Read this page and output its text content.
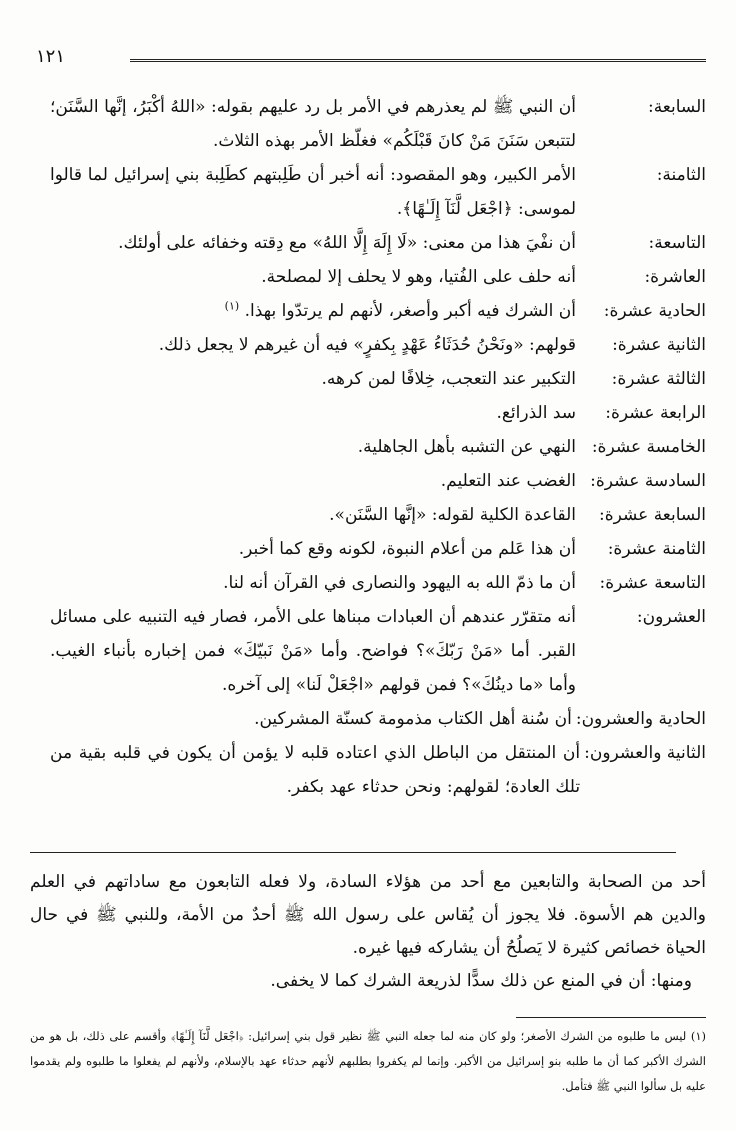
١٢١
السابعة:
أن النبي ﷺ لم يعذرهم في الأمر بل رد عليهم بقوله: «اللهُ أكْبَرُ، إنَّها السَّنَن؛ لتتبعن سَنَنَ مَنْ كانَ قَبْلَكُم» فغلّظ الأمر بهذه الثلاث.
الثامنة:
الأمر الكبير، وهو المقصود: أنه أخبر أن طَلِبتهم كطَلِبة بني إسرائيل لما قالوا لموسى: ﴿اجْعَل لَّنَآ إِلَـٰهًا﴾.
التاسعة:
أن نفْيَ هذا من معنى: «لَا إِلَهَ إِلَّا اللهُ» مع دِقته وخفائه على أولئك.
العاشرة:
أنه حلف على الفُتيا، وهو لا يحلف إلا لمصلحة.
الحادية عشرة:
أن الشرك فيه أكبر وأصغر، لأنهم لم يرتدّوا بهذا. $^{(١)}$
الثانية عشرة:
قولهم: «ونَحْنُ حُدَثَاءُ عَهْدٍ بِكفرٍ» فيه أن غيرهم لا يجعل ذلك.
الثالثة عشرة:
التكبير عند التعجب، خِلافًا لمن كرهه.
الرابعة عشرة:
سد الذرائع.
الخامسة عشرة:
النهي عن التشبه بأهل الجاهلية.
السادسة عشرة:
الغضب عند التعليم.
السابعة عشرة:
القاعدة الكلية لقوله: «إنَّها السَّنَن».
الثامنة عشرة:
أن هذا عَلم من أعلام النبوة، لكونه وقع كما أخبر.
التاسعة عشرة:
أن ما ذمّ الله به اليهود والنصارى في القرآن أنه لنا.
العشرون:
أنه متقرّر عندهم أن العبادات مبناها على الأمر، فصار فيه التنبيه على مسائل القبر. أما «مَنْ رَبّكَ»؟ فواضح. وأما «مَنْ نَبيّكَ» فمن إخباره بأنباء الغيب. وأما «ما دينُكَ»؟ فمن قولهم «اجْعَلْ لَنا» إلى آخره.
الحادية والعشرون:
أن سُنة أهل الكتاب مذمومة كسنّة المشركين.
الثانية والعشرون:
أن المنتقل من الباطل الذي اعتاده قلبه لا يؤمن أن يكون في قلبه بقية من تلك العادة؛ لقولهم: ونحن حدثاء عهد بكفر.

أحد من الصحابة والتابعين مع أحد من هؤلاء السادة، ولا فعله التابعون مع ساداتهم في العلم والدين هم الأسوة. فلا يجوز أن يُقاس على رسول الله ﷺ أحدٌ من الأمة، وللنبي ﷺ في حال الحياة خصائص كثيرة لا يَصلُحُ أن يشاركه فيها غيره.

ومنها: أن في المنع عن ذلك سدًّا لذريعة الشرك كما لا يخفى.

(١) ليس ما طلبوه من الشرك الأصغر؛ ولو كان منه لما جعله النبي ﷺ نظير قول بني إسرائيل: ﴿اجْعَل لَّنَآ إِلَـٰهًا﴾ وأقسم على ذلك، بل هو من الشرك الأكبر كما أن ما طلبه بنو إسرائيل من الأكبر. وإنما لم يكفروا بطلبهم لأنهم حدثاء عهد بالإسلام، ولأنهم لم يفعلوا ما طلبوه ولم يقدموا عليه بل سألوا النبي ﷺ فتأمل.
